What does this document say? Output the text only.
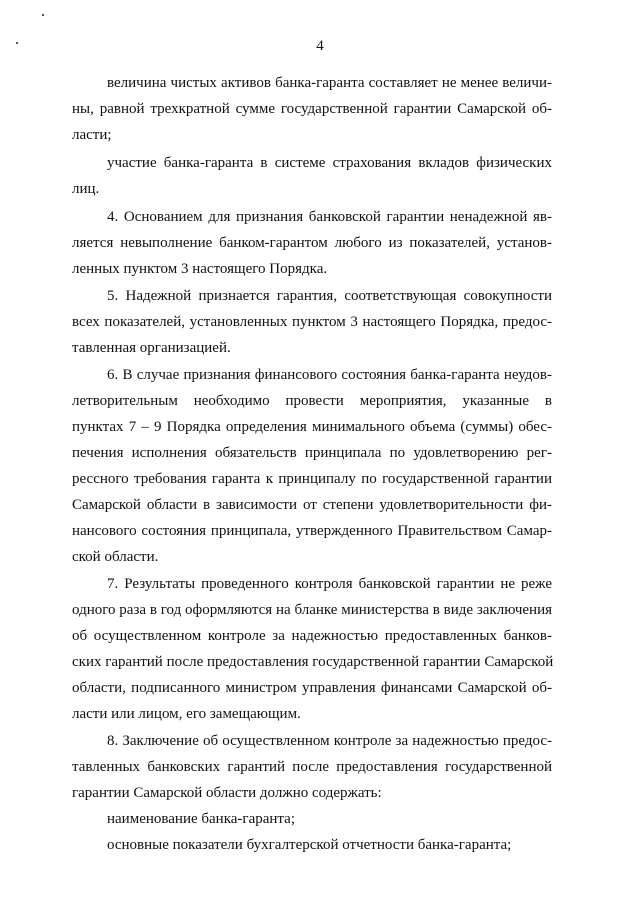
4
величина чистых активов банка-гаранта составляет не менее величи-
ны, равной трехкратной сумме государственной гарантии Самарской об-
ласти;
участие банка-гаранта в системе страхования вкладов физических
лиц.
4. Основанием для признания банковской гарантии ненадежной яв-
ляется невыполнение банком-гарантом любого из показателей, установ-
ленных пунктом 3 настоящего Порядка.
5. Надежной признается гарантия, соответствующая совокупности
всех показателей, установленных пунктом 3 настоящего Порядка, предос-
тавленная организацией.
6. В случае признания финансового состояния банка-гаранта неудов-
летворительным необходимо провести мероприятия, указанные в
пунктах 7 – 9 Порядка определения минимального объема (суммы) обес-
печения исполнения обязательств принципала по удовлетворению рег-
рессного требования гаранта к принципалу по государственной гарантии
Самарской области в зависимости от степени удовлетворительности фи-
нансового состояния принципала, утвержденного Правительством Самар-
ской области.
7. Результаты проведенного контроля банковской гарантии не реже
одного раза в год оформляются на бланке министерства в виде заключения
об осуществленном контроле за надежностью предоставленных банков-
ских гарантий после предоставления государственной гарантии Самарской
области, подписанного министром управления финансами Самарской об-
ласти или лицом, его замещающим.
8. Заключение об осуществленном контроле за надежностью предос-
тавленных банковских гарантий после предоставления государственной
гарантии Самарской области должно содержать:
наименование банка-гаранта;
основные показатели бухгалтерской отчетности банка-гаранта;
